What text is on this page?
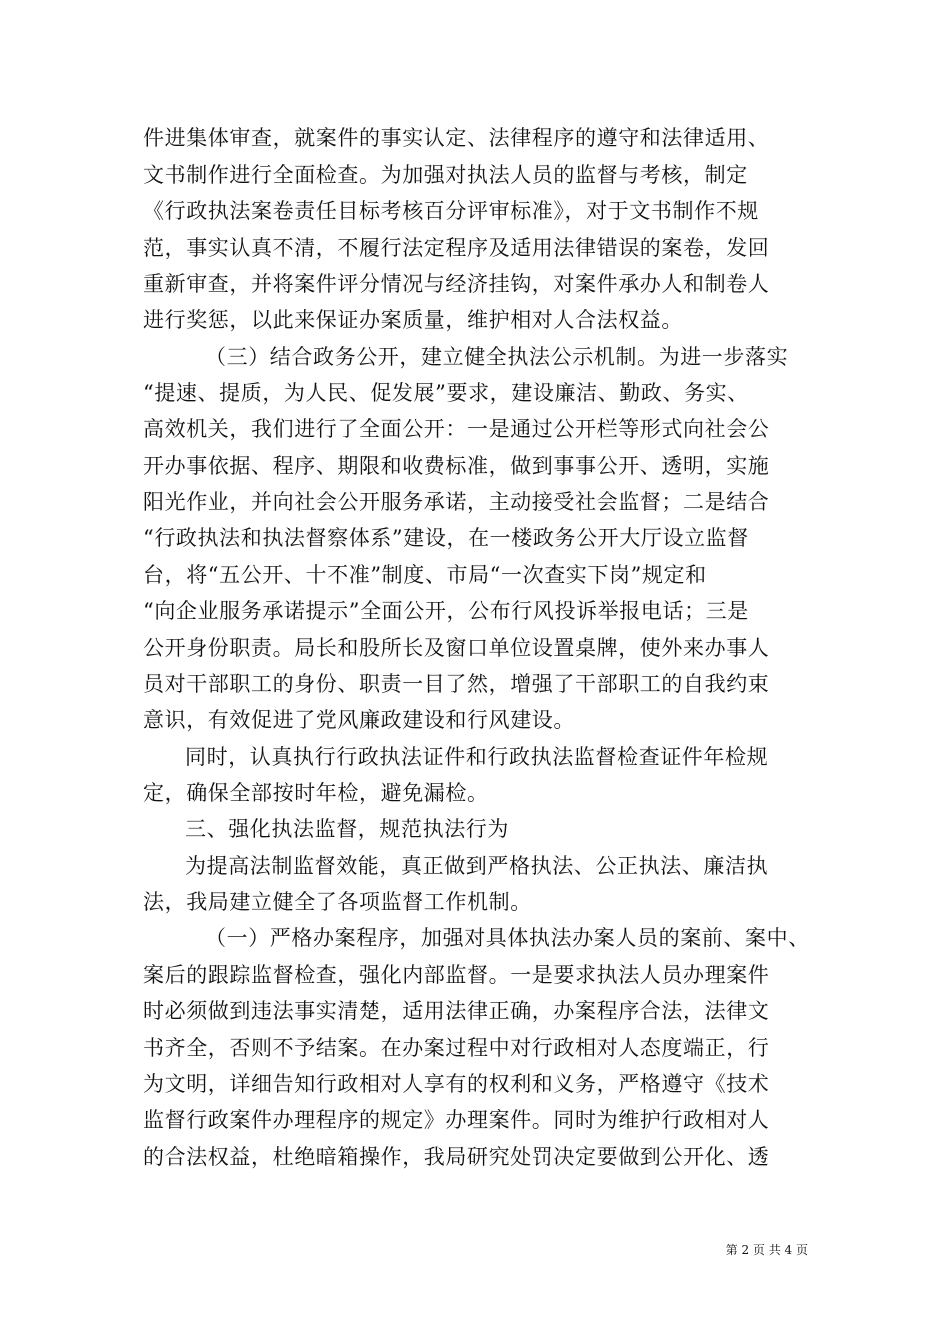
件进集体审查，就案件的事实认定、法律程序的遵守和法律适用、
文书制作进行全面检查。为加强对执法人员的监督与考核，制定
《行政执法案卷责任目标考核百分评审标准》，对于文书制作不规
范，事实认真不清，不履行法定程序及适用法律错误的案卷，发回
重新审查，并将案件评分情况与经济挂钩，对案件承办人和制卷人
进行奖惩，以此来保证办案质量，维护相对人合法权益。
（三）结合政务公开，建立健全执法公示机制。为进一步落实
“提速、提质，为人民、促发展”要求，建设廉洁、勤政、务实、
高效机关，我们进行了全面公开：一是通过公开栏等形式向社会公
开办事依据、程序、期限和收费标准，做到事事公开、透明，实施
阳光作业，并向社会公开服务承诺，主动接受社会监督；二是结合
“行政执法和执法督察体系”建设，在一楼政务公开大厅设立监督
台，将“五公开、十不准”制度、市局“一次查实下岗”规定和
“向企业服务承诺提示”全面公开，公布行风投诉举报电话；三是
公开身份职责。局长和股所长及窗口单位设置桌牌，使外来办事人
员对干部职工的身份、职责一目了然，增强了干部职工的自我约束
意识，有效促进了党风廉政建设和行风建设。
同时，认真执行行政执法证件和行政执法监督检查证件年检规
定，确保全部按时年检，避免漏检。
三、强化执法监督，规范执法行为
为提高法制监督效能，真正做到严格执法、公正执法、廉洁执
法，我局建立健全了各项监督工作机制。
（一）严格办案程序，加强对具体执法办案人员的案前、案中、
案后的跟踪监督检查，强化内部监督。一是要求执法人员办理案件
时必须做到违法事实清楚，适用法律正确，办案程序合法，法律文
书齐全，否则不予结案。在办案过程中对行政相对人态度端正，行
为文明，详细告知行政相对人享有的权利和义务，严格遵守《技术
监督行政案件办理程序的规定》办理案件。同时为维护行政相对人
的合法权益，杜绝暗箱操作，我局研究处罚决定要做到公开化、透
第 2 页 共 4 页
